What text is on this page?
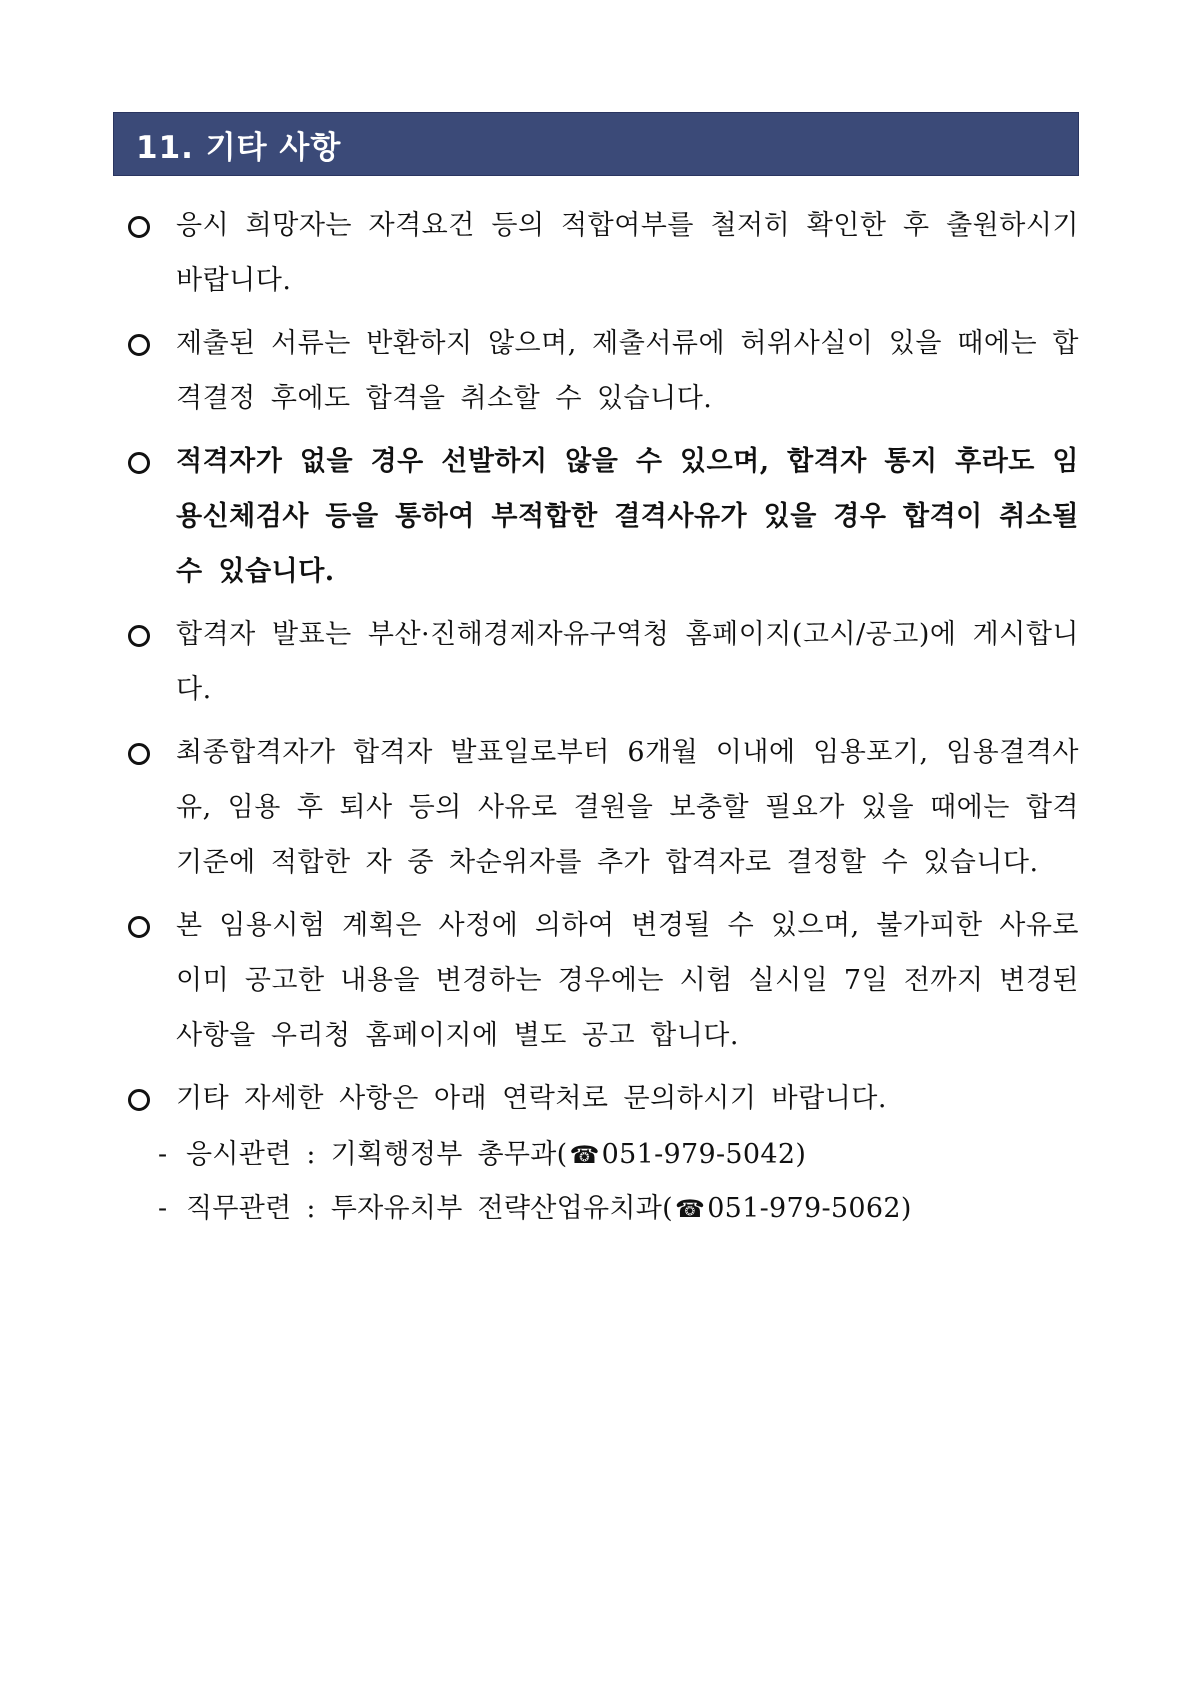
11. 기타 사항
응시 희망자는 자격요건 등의 적합여부를 철저히 확인한 후 출원하시기 바랍니다.
제출된 서류는 반환하지 않으며, 제출서류에 허위사실이 있을 때에는 합격결정 후에도 합격을 취소할 수 있습니다.
적격자가 없을 경우 선발하지 않을 수 있으며, 합격자 통지 후라도 임용신체검사 등을 통하여 부적합한 결격사유가 있을 경우 합격이 취소될 수 있습니다.
합격자 발표는 부산·진해경제자유구역청 홈페이지(고시/공고)에 게시합니다.
최종합격자가 합격자 발표일로부터 6개월 이내에 임용포기, 임용결격사유, 임용 후 퇴사 등의 사유로 결원을 보충할 필요가 있을 때에는 합격기준에 적합한 자 중 차순위자를 추가 합격자로 결정할 수 있습니다.
본 임용시험 계획은 사정에 의하여 변경될 수 있으며, 불가피한 사유로 이미 공고한 내용을 변경하는 경우에는 시험 실시일 7일 전까지 변경된 사항을 우리청 홈페이지에 별도 공고 합니다.
기타 자세한 사항은 아래 연락처로 문의하시기 바랍니다.
- 응시관련 : 기획행정부 총무과(☎051-979-5042)
- 직무관련 : 투자유치부 전략산업유치과(☎051-979-5062)
